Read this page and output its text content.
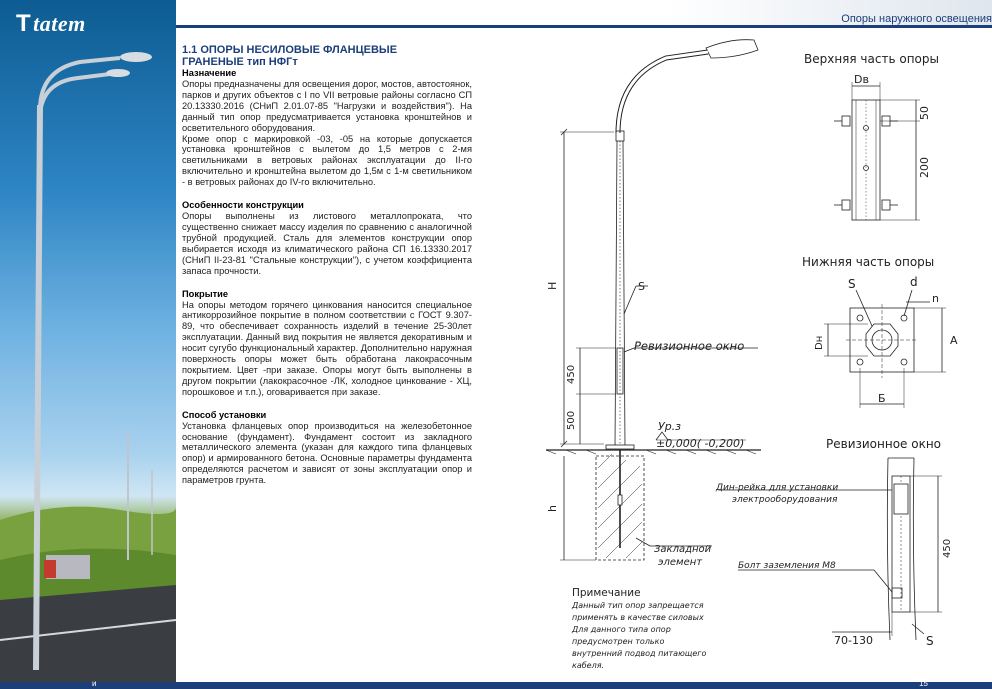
Тtatem	Опоры наружного освещения
1.1 ОПОРЫ НЕСИЛОВЫЕ ФЛАНЦЕВЫЕ
ГРАНЕНЫЕ тип НФГт
Назначение

Опоры предназначены для освещения дорог, мостов, автостоянок, парков и других объектов с I по VII ветровые районы согласно СП 20.13330.2016 (СНиП 2.01.07-85 "Нагрузки и воздействия"). На данный тип опор предусматривается установка кронштейнов и осветительного оборудования.

Кроме опор с маркировкой -03, -05 на которые допускается установка кронштейнов с вылетом до 1,5 метров с 2-мя светильниками в ветровых районах эксплуатации до II-го включительно и кронштейна вылетом до 1,5м с 1-м светильником - в ветровых районах до IV-го включительно.

Особенности конструкции

Опоры выполнены из листового металлопроката, что существенно снижает массу изделия по сравнению с аналогичной трубной продукцией. Сталь для элементов конструкции опор выбирается исходя из климатического района СП 16.13330.2017 (СНиП II-23-81 "Стальные конструкции"), с учетом коэффициента запаса прочности.

Покрытие

На опоры методом горячего цинкования наносится специальное антикоррозийное покрытие в полном соответствии с ГОСТ 9.307-89, что обеспечивает сохранность изделий в течение 25-30лет эксплуатации. Данный вид покрытия не является декоративным и носит сугубо функциональный характер. Дополнительно наружная поверхность опоры может быть обработана лакокрасочным покрытием. Цвет -при заказе. Опоры могут быть выполнены в другом покрытии (лакокрасочное -ЛК, холодное цинкование - ХЦ, порошковое и т.п.), оговаривается при заказе.

Способ установки

Установка фланцевых опор производиться на железобетонное основание (фундамент). Фундамент состоит из закладного металлического элемента (указан для каждого типа фланцевых опор) и армированного бетона. Основные параметры фундамента определяются расчетом и зависят от зоны эксплуатации опор и параметров грунта.

H	S
450
500
h
Ревизионное окно
Ур.з
±0,000( -0,200)
Закладной
элемент
Примечание
Данный тип опор запрещается
применять в качестве силовых
Для данного типа опор
предусмотрен только
внутренний подвод питающего
кабеля.
Верхняя часть опоры
Dв
50
200
Нижняя часть опоры
S	d
n
Dн	А
Б
Ревизионное окно
Дин-рейка для установки
электрооборудования
Болт заземления М8
450
70-130	S
и	15
